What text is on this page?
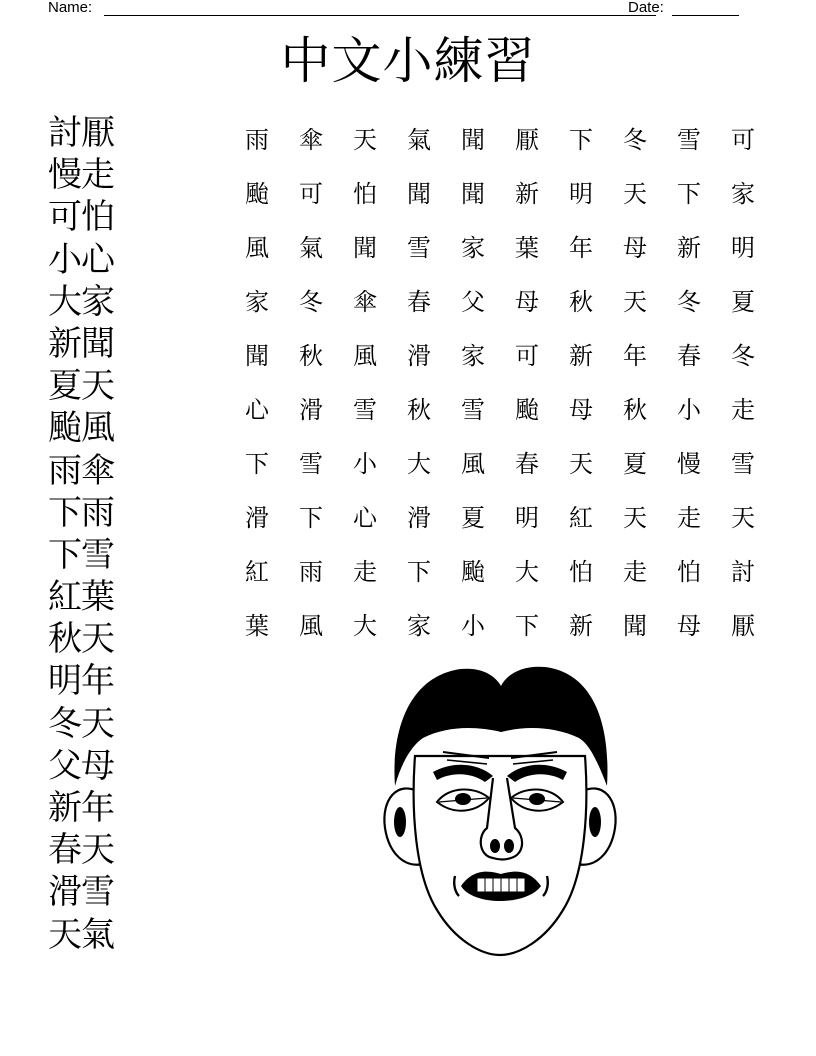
Name:	Date:
中文小練習
討厭
慢走
可怕
小心
大家
新聞
夏天
颱風
雨傘
下雨
下雪
紅葉
秋天
明年
冬天
父母
新年
春天
滑雪
天氣
雨	傘	天	氣	聞	厭	下	冬	雪	可
颱	可	怕	聞	聞	新	明	天	下	家
風	氣	聞	雪	家	葉	年	母	新	明
家	冬	傘	春	父	母	秋	天	冬	夏
聞	秋	風	滑	家	可	新	年	春	冬
心	滑	雪	秋	雪	颱	母	秋	小	走
下	雪	小	大	風	春	天	夏	慢	雪
滑	下	心	滑	夏	明	紅	天	走	天
紅	雨	走	下	颱	大	怕	走	怕	討
葉	風	大	家	小	下	新	聞	母	厭
